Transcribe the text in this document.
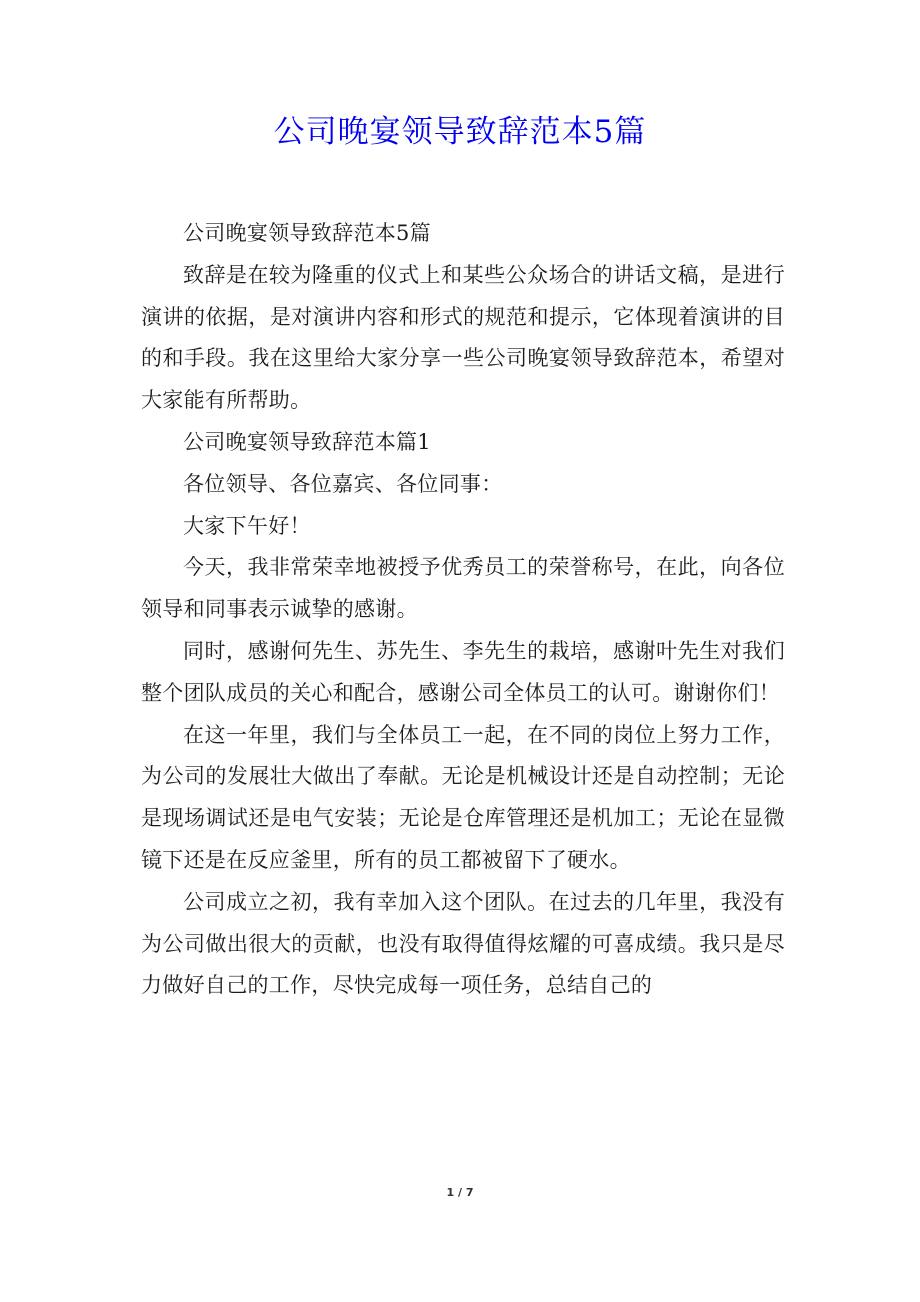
公司晚宴领导致辞范本5篇

公司晚宴领导致辞范本5篇

致辞是在较为隆重的仪式上和某些公众场合的讲话文稿，是进行演讲的依据，是对演讲内容和形式的规范和提示，它体现着演讲的目的和手段。我在这里给大家分享一些公司晚宴领导致辞范本，希望对大家能有所帮助。

公司晚宴领导致辞范本篇1

各位领导、各位嘉宾、各位同事：

大家下午好！

今天，我非常荣幸地被授予优秀员工的荣誉称号，在此，向各位领导和同事表示诚挚的感谢。

同时，感谢何先生、苏先生、李先生的栽培，感谢叶先生对我们整个团队成员的关心和配合，感谢公司全体员工的认可。谢谢你们！

在这一年里，我们与全体员工一起，在不同的岗位上努力工作，为公司的发展壮大做出了奉献。无论是机械设计还是自动控制；无论是现场调试还是电气安装；无论是仓库管理还是机加工；无论在显微镜下还是在反应釜里，所有的员工都被留下了硬水。

公司成立之初，我有幸加入这个团队。在过去的几年里，我没有为公司做出很大的贡献，也没有取得值得炫耀的可喜成绩。我只是尽力做好自己的工作，尽快完成每一项任务，总结自己的

1 / 7
